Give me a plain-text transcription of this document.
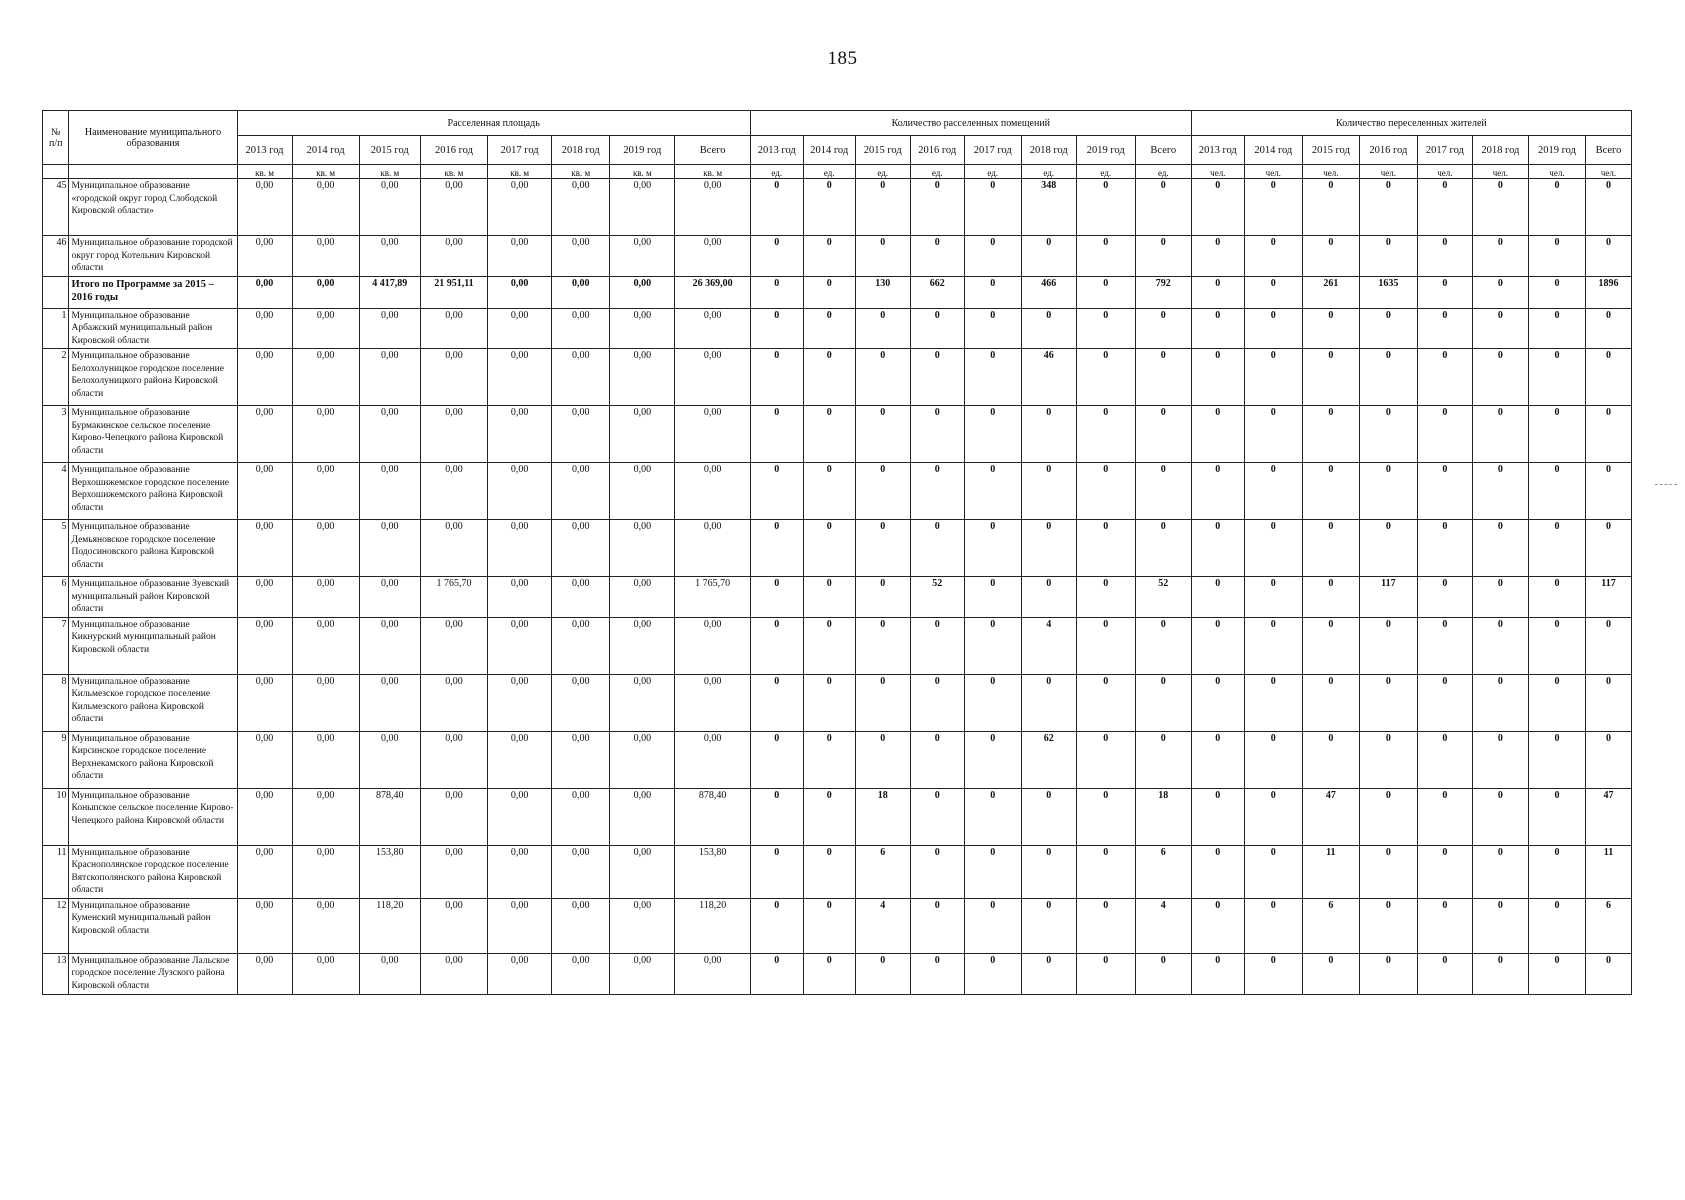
185
№
п/п	Наименование муниципального образования	Расселенная площадь								Количество расселенных помещений								Количество переселенных жителей							
		2013 год	2014 год	2015 год	2016 год	2017 год	2018 год	2019 год	Всего	2013 год	2014 год	2015 год	2016 год	2017 год	2018 год	2019 год	Всего	2013 год	2014 год	2015 год	2016 год	2017 год	2018 год	2019 год	Всего
		кв. м	кв. м	кв. м	кв. м	кв. м	кв. м	кв. м	кв. м	ед.	ед.	ед.	ед.	ед.	ед.	ед.	ед.	чел.	чел.	чел.	чел.	чел.	чел.	чел.	чел.
45	Муниципальное образование «городской округ город Слободской Кировской области»	0,00	0,00	0,00	0,00	0,00	0,00	0,00	0,00	0	0	0	0	0	348	0	0	0	0	0	0	0	0	0	0
46	Муниципальное образование городской округ город Котельнич Кировской области	0,00	0,00	0,00	0,00	0,00	0,00	0,00	0,00	0	0	0	0	0	0	0	0	0	0	0	0	0	0	0	0
	Итого по Программе за 2015 – 2016 годы	0,00	0,00	4 417,89	21 951,11	0,00	0,00	0,00	26 369,00	0	0	130	662	0	466	0	792	0	0	261	1635	0	0	0	1896
1	Муниципальное образование Арбажский муниципальный район Кировской области	0,00	0,00	0,00	0,00	0,00	0,00	0,00	0,00	0	0	0	0	0	0	0	0	0	0	0	0	0	0	0	0
2	Муниципальное образование Белохолуницкое городское поселение Белохолуницкого района Кировской области	0,00	0,00	0,00	0,00	0,00	0,00	0,00	0,00	0	0	0	0	0	46	0	0	0	0	0	0	0	0	0	0
3	Муниципальное образование Бурмакинское сельское поселение Кирово-Чепецкого района Кировской области	0,00	0,00	0,00	0,00	0,00	0,00	0,00	0,00	0	0	0	0	0	0	0	0	0	0	0	0	0	0	0	0
4	Муниципальное образование Верхошижемское городское поселение Верхошижемского района Кировской области	0,00	0,00	0,00	0,00	0,00	0,00	0,00	0,00	0	0	0	0	0	0	0	0	0	0	0	0	0	0	0	0
5	Муниципальное образование Демьяновское городское поселение Подосиновского района Кировской области	0,00	0,00	0,00	0,00	0,00	0,00	0,00	0,00	0	0	0	0	0	0	0	0	0	0	0	0	0	0	0	0
6	Муниципальное образование Зуевский муниципальный район Кировской области	0,00	0,00	0,00	1 765,70	0,00	0,00	0,00	1 765,70	0	0	0	52	0	0	0	52	0	0	0	117	0	0	0	117
7	Муниципальное образование Кикнурский муниципальный район Кировской области	0,00	0,00	0,00	0,00	0,00	0,00	0,00	0,00	0	0	0	0	0	4	0	0	0	0	0	0	0	0	0	0
8	Муниципальное образование Кильмезское городское поселение Кильмезского района Кировской области	0,00	0,00	0,00	0,00	0,00	0,00	0,00	0,00	0	0	0	0	0	0	0	0	0	0	0	0	0	0	0	0
9	Муниципальное образование Кирсинское городское поселение Верхнекамского района Кировской области	0,00	0,00	0,00	0,00	0,00	0,00	0,00	0,00	0	0	0	0	0	62	0	0	0	0	0	0	0	0	0	0
10	Муниципальное образование Коныпское сельское поселение Кирово-Чепецкого района Кировской области	0,00	0,00	878,40	0,00	0,00	0,00	0,00	878,40	0	0	18	0	0	0	0	18	0	0	47	0	0	0	0	47
11	Муниципальное образование Краснополянское городское поселение Вятскополянского района Кировской области	0,00	0,00	153,80	0,00	0,00	0,00	0,00	153,80	0	0	6	0	0	0	0	6	0	0	11	0	0	0	0	11
12	Муниципальное образование Куменский муниципальный район Кировской области	0,00	0,00	118,20	0,00	0,00	0,00	0,00	118,20	0	0	4	0	0	0	0	4	0	0	6	0	0	0	0	6
13	Муниципальное образование Лальское городское поселение Лузского района Кировской области	0,00	0,00	0,00	0,00	0,00	0,00	0,00	0,00	0	0	0	0	0	0	0	0	0	0	0	0	0	0	0	0
